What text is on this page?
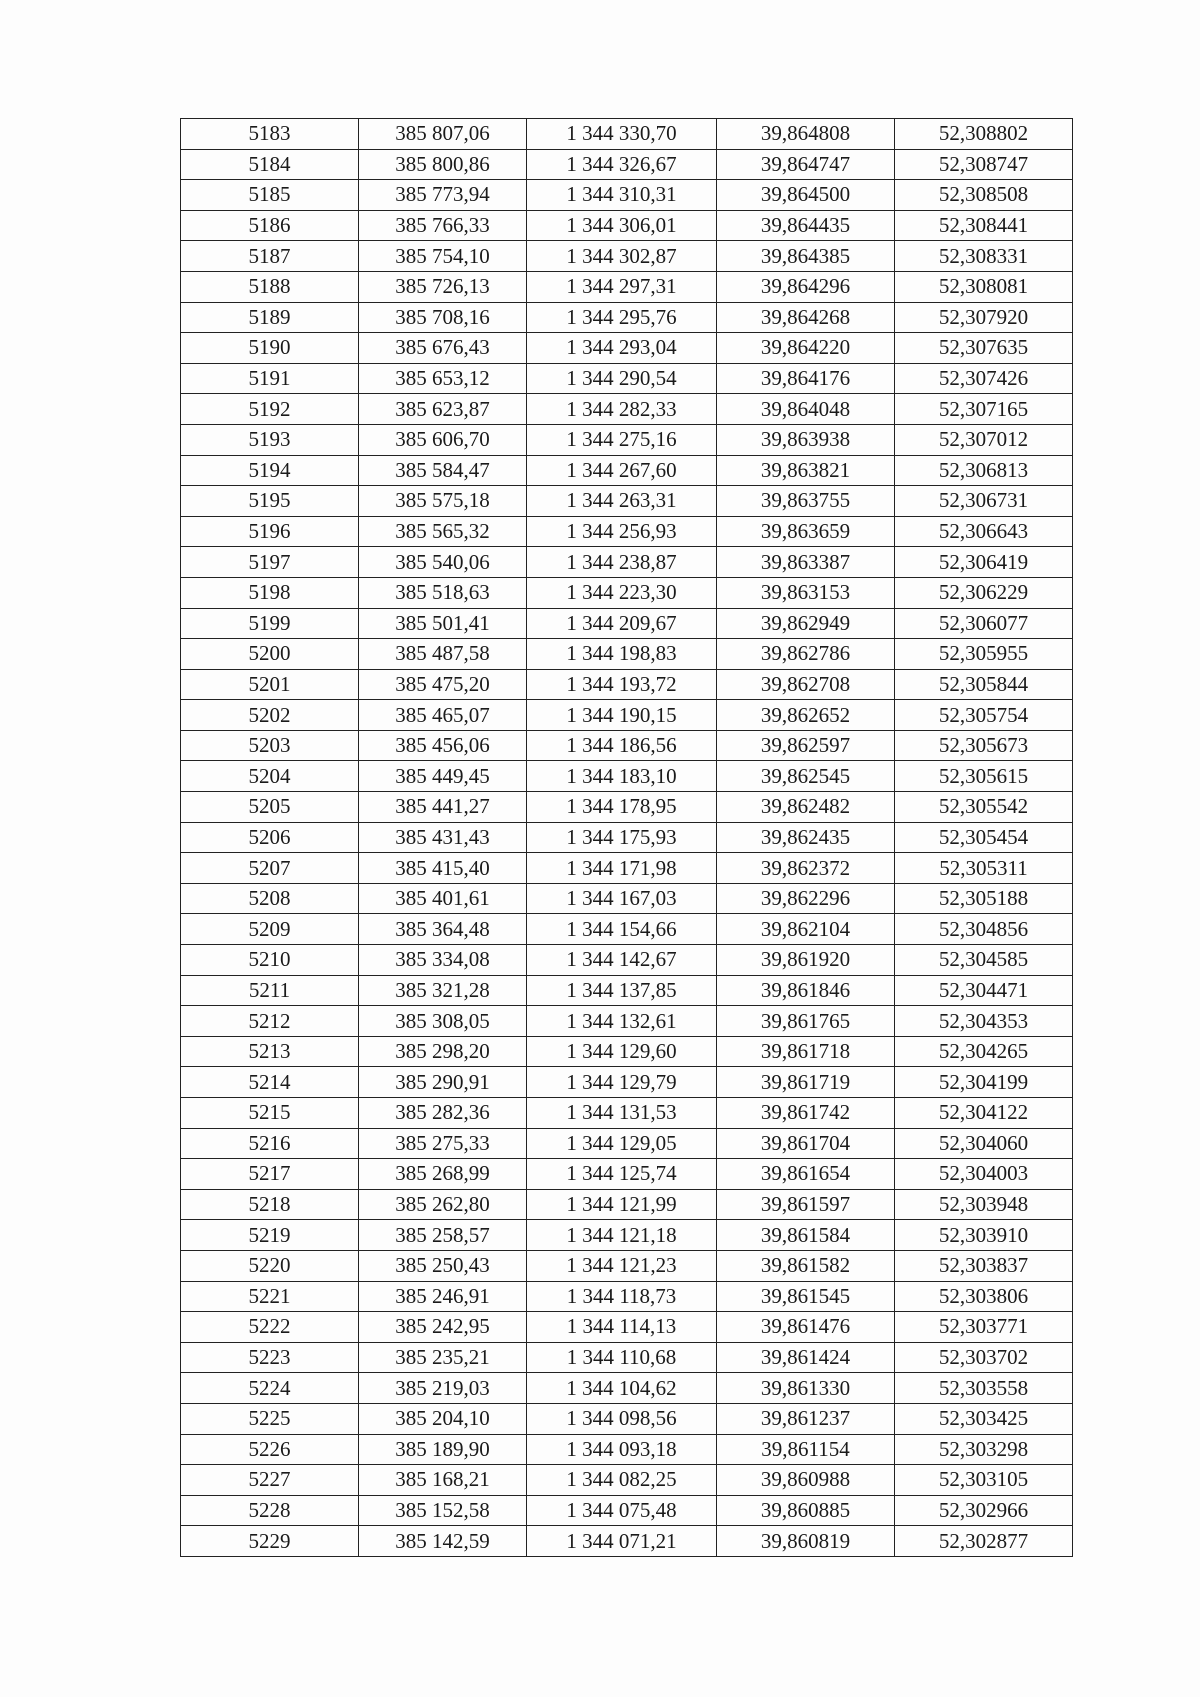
5183	385 807,06	1 344 330,70	39,864808	52,308802
5184	385 800,86	1 344 326,67	39,864747	52,308747
5185	385 773,94	1 344 310,31	39,864500	52,308508
5186	385 766,33	1 344 306,01	39,864435	52,308441
5187	385 754,10	1 344 302,87	39,864385	52,308331
5188	385 726,13	1 344 297,31	39,864296	52,308081
5189	385 708,16	1 344 295,76	39,864268	52,307920
5190	385 676,43	1 344 293,04	39,864220	52,307635
5191	385 653,12	1 344 290,54	39,864176	52,307426
5192	385 623,87	1 344 282,33	39,864048	52,307165
5193	385 606,70	1 344 275,16	39,863938	52,307012
5194	385 584,47	1 344 267,60	39,863821	52,306813
5195	385 575,18	1 344 263,31	39,863755	52,306731
5196	385 565,32	1 344 256,93	39,863659	52,306643
5197	385 540,06	1 344 238,87	39,863387	52,306419
5198	385 518,63	1 344 223,30	39,863153	52,306229
5199	385 501,41	1 344 209,67	39,862949	52,306077
5200	385 487,58	1 344 198,83	39,862786	52,305955
5201	385 475,20	1 344 193,72	39,862708	52,305844
5202	385 465,07	1 344 190,15	39,862652	52,305754
5203	385 456,06	1 344 186,56	39,862597	52,305673
5204	385 449,45	1 344 183,10	39,862545	52,305615
5205	385 441,27	1 344 178,95	39,862482	52,305542
5206	385 431,43	1 344 175,93	39,862435	52,305454
5207	385 415,40	1 344 171,98	39,862372	52,305311
5208	385 401,61	1 344 167,03	39,862296	52,305188
5209	385 364,48	1 344 154,66	39,862104	52,304856
5210	385 334,08	1 344 142,67	39,861920	52,304585
5211	385 321,28	1 344 137,85	39,861846	52,304471
5212	385 308,05	1 344 132,61	39,861765	52,304353
5213	385 298,20	1 344 129,60	39,861718	52,304265
5214	385 290,91	1 344 129,79	39,861719	52,304199
5215	385 282,36	1 344 131,53	39,861742	52,304122
5216	385 275,33	1 344 129,05	39,861704	52,304060
5217	385 268,99	1 344 125,74	39,861654	52,304003
5218	385 262,80	1 344 121,99	39,861597	52,303948
5219	385 258,57	1 344 121,18	39,861584	52,303910
5220	385 250,43	1 344 121,23	39,861582	52,303837
5221	385 246,91	1 344 118,73	39,861545	52,303806
5222	385 242,95	1 344 114,13	39,861476	52,303771
5223	385 235,21	1 344 110,68	39,861424	52,303702
5224	385 219,03	1 344 104,62	39,861330	52,303558
5225	385 204,10	1 344 098,56	39,861237	52,303425
5226	385 189,90	1 344 093,18	39,861154	52,303298
5227	385 168,21	1 344 082,25	39,860988	52,303105
5228	385 152,58	1 344 075,48	39,860885	52,302966
5229	385 142,59	1 344 071,21	39,860819	52,302877
